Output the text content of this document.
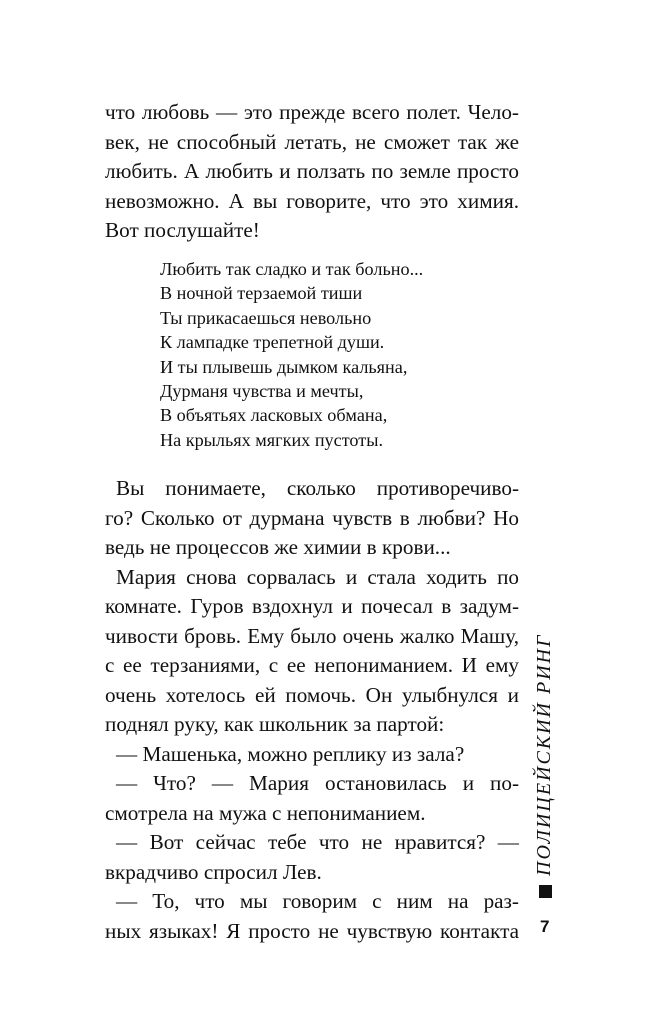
что любовь — это прежде всего полет. Чело-
век, не способный летать, не сможет так же
любить. А любить и ползать по земле просто
невозможно. А вы говорите, что это химия.
Вот послушайте!
Любить так сладко и так больно...
В ночной терзаемой тиши
Ты прикасаешься невольно
К лампадке трепетной души.
И ты плывешь дымком кальяна,
Дурманя чувства и мечты,
В объятьях ласковых обмана,
На крыльях мягких пустоты.
Вы понимаете, сколько противоречиво-
го? Сколько от дурмана чувств в любви? Но
ведь не процессов же химии в крови...
Мария снова сорвалась и стала ходить по
комнате. Гуров вздохнул и почесал в задум-
чивости бровь. Ему было очень жалко Машу,
с ее терзаниями, с ее непониманием. И ему
очень хотелось ей помочь. Он улыбнулся и
поднял руку, как школьник за партой:
— Машенька, можно реплику из зала?
— Что? — Мария остановилась и по-
смотрела на мужа с непониманием.
— Вот сейчас тебе что не нравится? —
вкрадчиво спросил Лев.
— То, что мы говорим с ним на раз-
ных языках! Я просто не чувствую контакта
ПОЛИЦЕЙСКИЙ РИНГ
7
